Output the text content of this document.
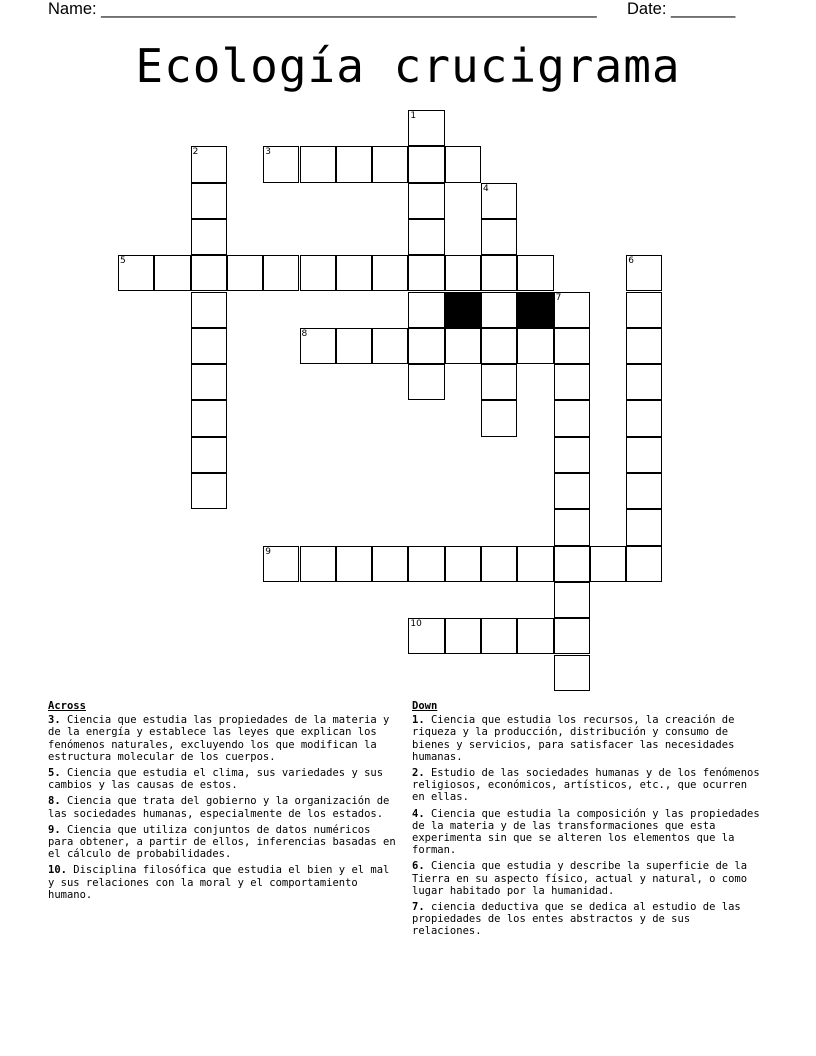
Name: ______________________________________________________ Date: _______
Ecología crucigrama
1
2	3
4
5	6
7
8
9
10
Across
3. Ciencia que estudia las propiedades de la materia y de la energía y establece las leyes que explican los fenómenos naturales, excluyendo los que modifican la estructura molecular de los cuerpos.
5. Ciencia que estudia el clima, sus variedades y sus cambios y las causas de estos.
8. Ciencia que trata del gobierno y la organización de las sociedades humanas, especialmente de los estados.
9. Ciencia que utiliza conjuntos de datos numéricos para obtener, a partir de ellos, inferencias basadas en el cálculo de probabilidades.
10. Disciplina filosófica que estudia el bien y el mal y sus relaciones con la moral y el comportamiento humano.
Down
1. Ciencia que estudia los recursos, la creación de riqueza y la producción, distribución y consumo de bienes y servicios, para satisfacer las necesidades humanas.
2. Estudio de las sociedades humanas y de los fenómenos religiosos, económicos, artísticos, etc., que ocurren en ellas.
4. Ciencia que estudia la composición y las propiedades de la materia y de las transformaciones que esta experimenta sin que se alteren los elementos que la forman.
6. Ciencia que estudia y describe la superficie de la Tierra en su aspecto físico, actual y natural, o como lugar habitado por la humanidad.
7. ciencia deductiva que se dedica al estudio de las propiedades de los entes abstractos y de sus relaciones.
